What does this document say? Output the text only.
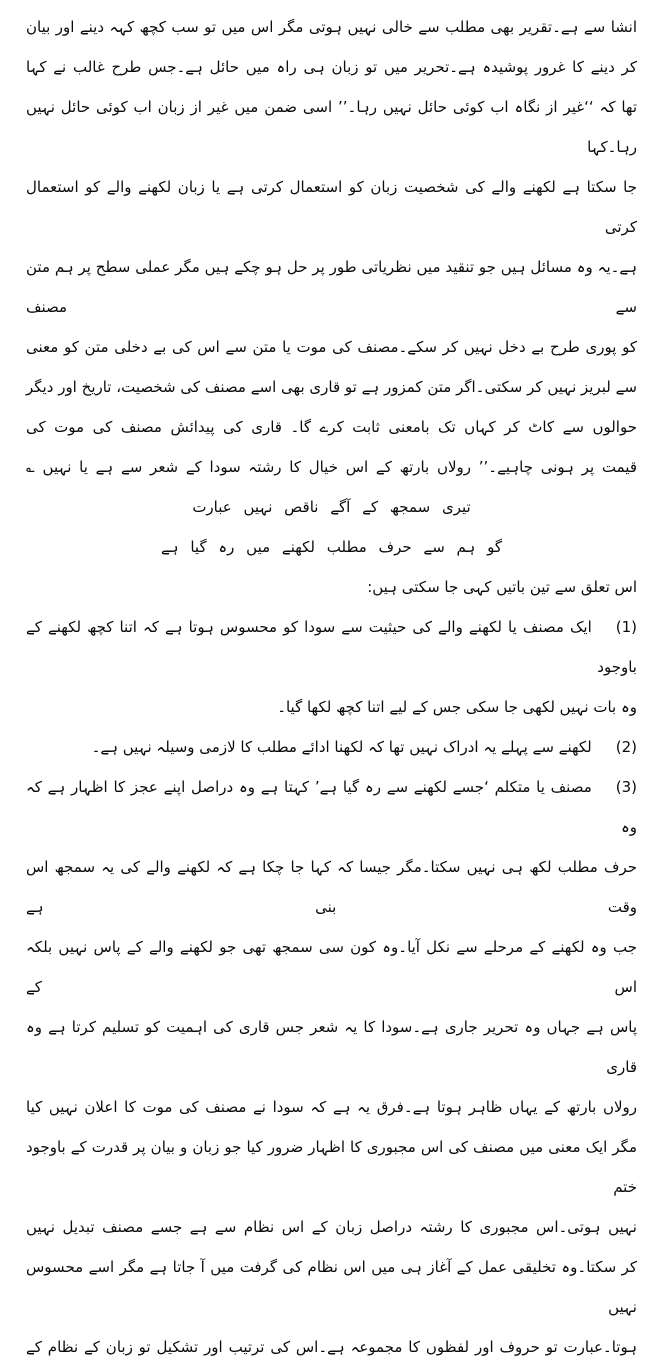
انشا سے ہے۔تقریر بھی مطلب سے خالی نہیں ہوتی مگر اس میں تو سب کچھ کہہ دینے اور بیان
کر دینے کا غرور پوشیدہ ہے۔تحریر میں تو زبان ہی راہ میں حائل ہے۔جس طرح غالب نے کہا
تھا کہ ‘‘غیر از نگاہ اب کوئی حائل نہیں رہا۔’’ اسی ضمن میں غیر از زبان اب کوئی حائل نہیں رہا۔کہا
جا سکتا ہے لکھنے والے کی شخصیت زبان کو استعمال کرتی ہے یا زبان لکھنے والے کو استعمال کرتی
ہے۔یہ وہ مسائل ہیں جو تنقید میں نظریاتی طور پر حل ہو چکے ہیں مگر عملی سطح پر ہم متن سے مصنف
کو پوری طرح بے دخل نہیں کر سکے۔مصنف کی موت یا متن سے اس کی بے دخلی متن کو معنی
سے لبریز نہیں کر سکتی۔اگر متن کمزور ہے تو قاری بھی اسے مصنف کی شخصیت، تاریخ اور دیگر
حوالوں سے کاٹ کر کہاں تک بامعنی ثابت کرے گا۔ قاری کی پیدائش مصنف کی موت کی
قیمت پر ہونی چاہیے۔’’ رولاں بارتھ کے اس خیال کا رشتہ سودا کے شعر سے ہے یا نہیں ؎
تیری سمجھ کے آگے ناقص نہیں عبارت
گو ہم سے حرف مطلب لکھنے میں رہ گیا ہے
اس تعلق سے تین باتیں کہی جا سکتی ہیں:
(1)ایک مصنف یا لکھنے والے کی حیثیت سے سودا کو محسوس ہوتا ہے کہ اتنا کچھ لکھنے کے باوجود
وہ بات نہیں لکھی جا سکی جس کے لیے اتنا کچھ لکھا گیا۔
(2)لکھنے سے پہلے یہ ادراک نہیں تھا کہ لکھنا ادائے مطلب کا لازمی وسیلہ نہیں ہے۔
(3)مصنف یا متکلم ‘جسے لکھنے سے رہ گیا ہے’ کہتا ہے وہ دراصل اپنے عجز کا اظہار ہے کہ وہ
حرف مطلب لکھ ہی نہیں سکتا۔مگر جیسا کہ کہا جا چکا ہے کہ لکھنے والے کی یہ سمجھ اس وقت بنی ہے
جب وہ لکھنے کے مرحلے سے نکل آیا۔وہ کون سی سمجھ تھی جو لکھنے والے کے پاس نہیں بلکہ اس کے
پاس ہے جہاں وہ تحریر جاری ہے۔سودا کا یہ شعر جس قاری کی اہمیت کو تسلیم کرتا ہے وہ قاری
رولاں بارتھ کے یہاں ظاہر ہوتا ہے۔فرق یہ ہے کہ سودا نے مصنف کی موت کا اعلان نہیں کیا
مگر ایک معنی میں مصنف کی اس مجبوری کا اظہار ضرور کیا جو زبان و بیان پر قدرت کے باوجود ختم
نہیں ہوتی۔اس مجبوری کا رشتہ دراصل زبان کے اس نظام سے ہے جسے مصنف تبدیل نہیں
کر سکتا۔وہ تخلیقی عمل کے آغاز ہی میں اس نظام کی گرفت میں آ جاتا ہے مگر اسے محسوس نہیں
ہوتا۔عبارت تو حروف اور لفظوں کا مجموعہ ہے۔اس کی ترتیب اور تشکیل تو زبان کے نظام کے
